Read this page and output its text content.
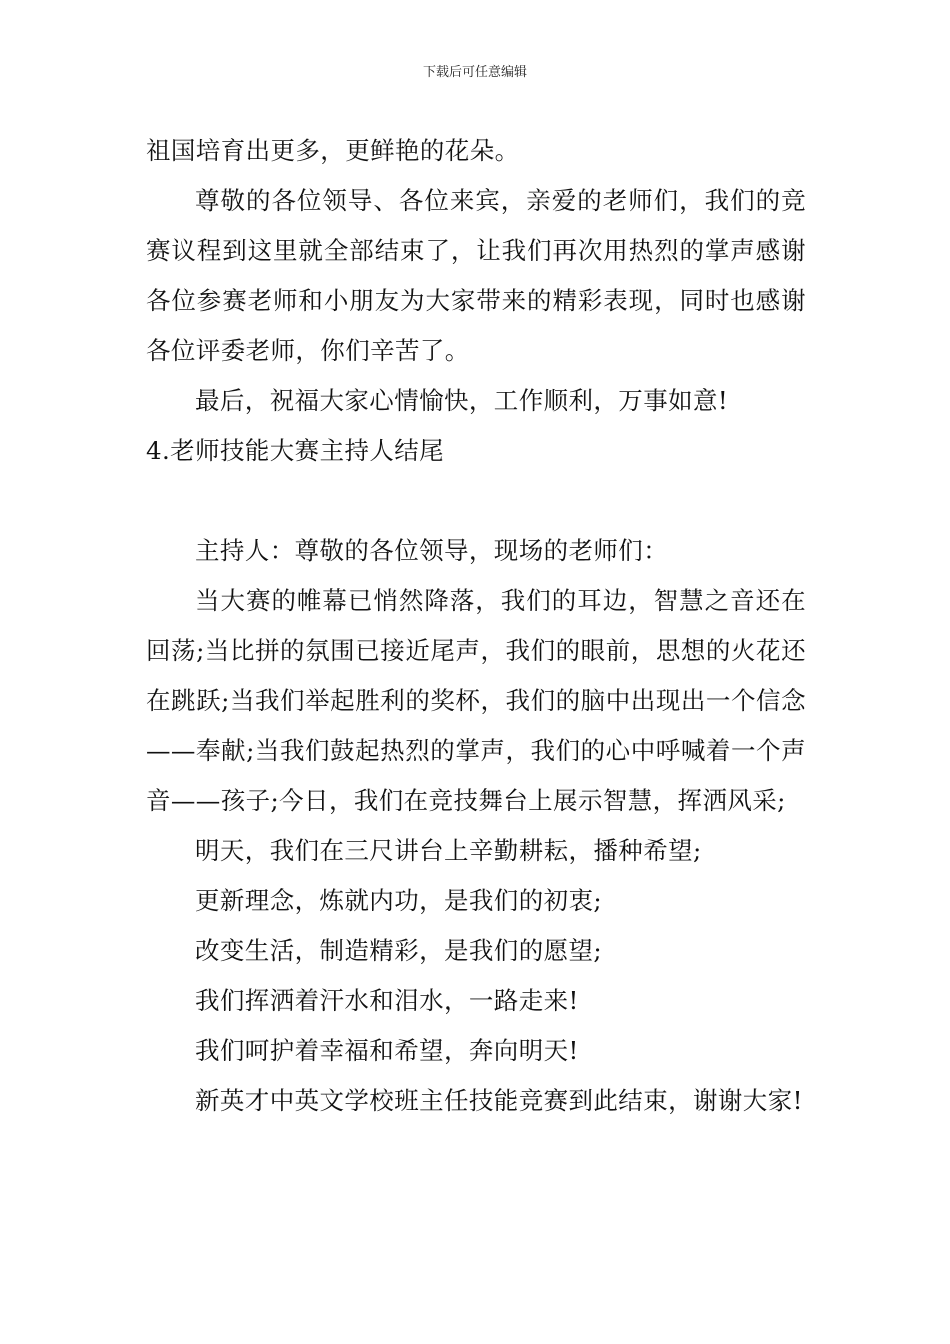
下载后可任意编辑

祖国培育出更多，更鲜艳的花朵。

尊敬的各位领导、各位来宾，亲爱的老师们，我们的竞赛议程到这里就全部结束了，让我们再次用热烈的掌声感谢各位参赛老师和小朋友为大家带来的精彩表现，同时也感谢各位评委老师，你们辛苦了。

最后，祝福大家心情愉快，工作顺利，万事如意!

4.老师技能大赛主持人结尾

主持人：尊敬的各位领导，现场的老师们：

当大赛的帷幕已悄然降落，我们的耳边，智慧之音还在回荡;当比拼的氛围已接近尾声，我们的眼前，思想的火花还在跳跃;当我们举起胜利的奖杯，我们的脑中出现出一个信念——奉献;当我们鼓起热烈的掌声，我们的心中呼喊着一个声音——孩子;今日，我们在竞技舞台上展示智慧，挥洒风采;

明天，我们在三尺讲台上辛勤耕耘，播种希望;

更新理念，炼就内功，是我们的初衷;

改变生活，制造精彩，是我们的愿望;

我们挥洒着汗水和泪水，一路走来!

我们呵护着幸福和希望，奔向明天!

新英才中英文学校班主任技能竞赛到此结束，谢谢大家!
